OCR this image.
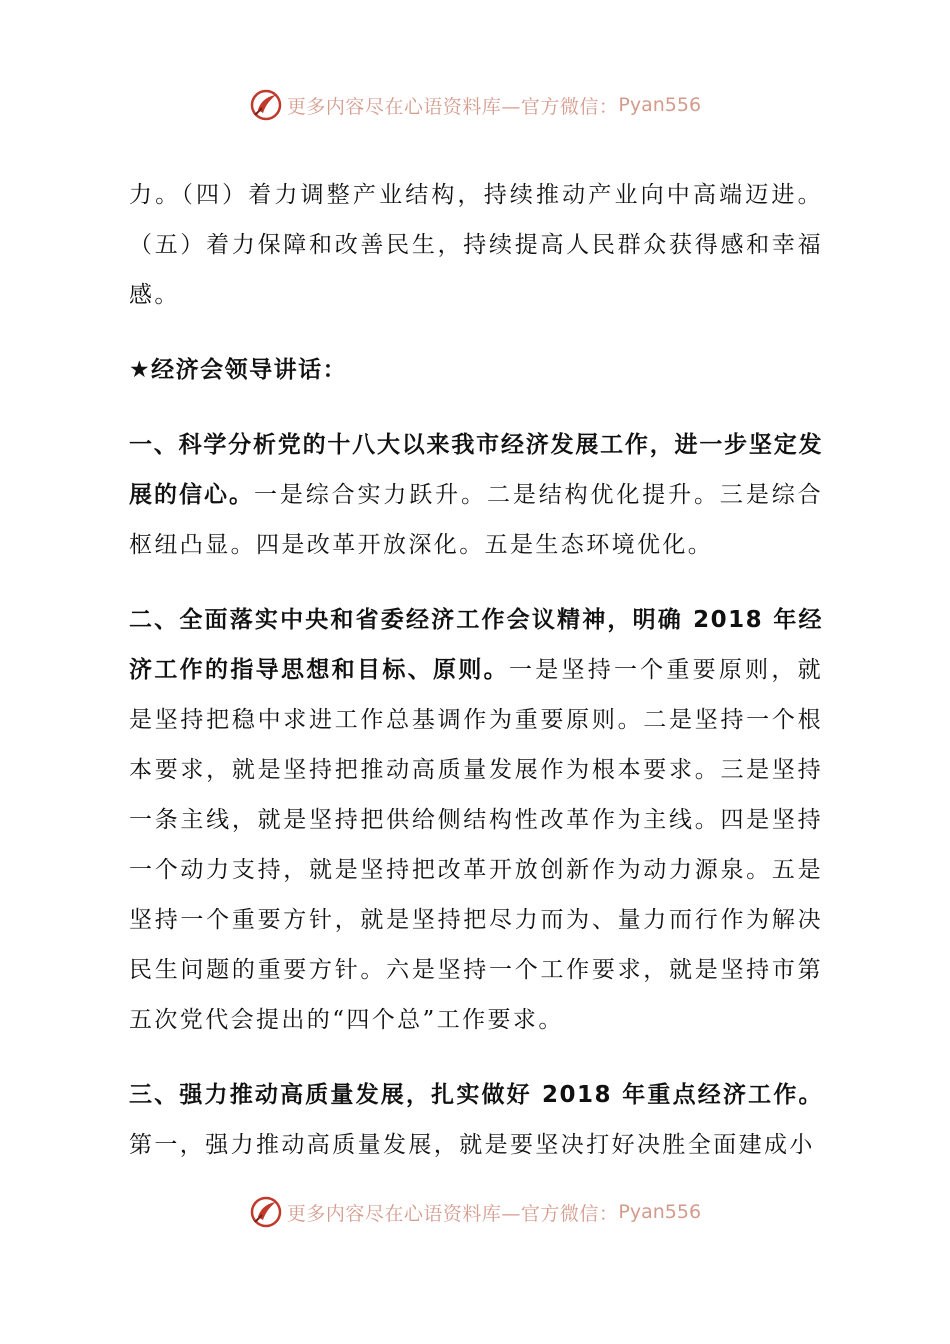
更多内容尽在心语资料库—官方微信： Pyan556

力。（四）着力调整产业结构，持续推动产业向中高端迈进。（五）着力保障和改善民生，持续提高人民群众获得感和幸福感。

★经济会领导讲话：

一、科学分析党的十八大以来我市经济发展工作，进一步坚定发展的信心。一是综合实力跃升。二是结构优化提升。三是综合枢纽凸显。四是改革开放深化。五是生态环境优化。

二、全面落实中央和省委经济工作会议精神，明确 2018 年经济工作的指导思想和目标、原则。一是坚持一个重要原则，就是坚持把稳中求进工作总基调作为重要原则。二是坚持一个根本要求，就是坚持把推动高质量发展作为根本要求。三是坚持一条主线，就是坚持把供给侧结构性改革作为主线。四是坚持一个动力支持，就是坚持把改革开放创新作为动力源泉。五是坚持一个重要方针，就是坚持把尽力而为、量力而行作为解决民生问题的重要方针。六是坚持一个工作要求，就是坚持市第五次党代会提出的“四个总”工作要求。

三、强力推动高质量发展，扎实做好 2018 年重点经济工作。第一，强力推动高质量发展，就是要坚决打好决胜全面建成小

更多内容尽在心语资料库—官方微信： Pyan556
